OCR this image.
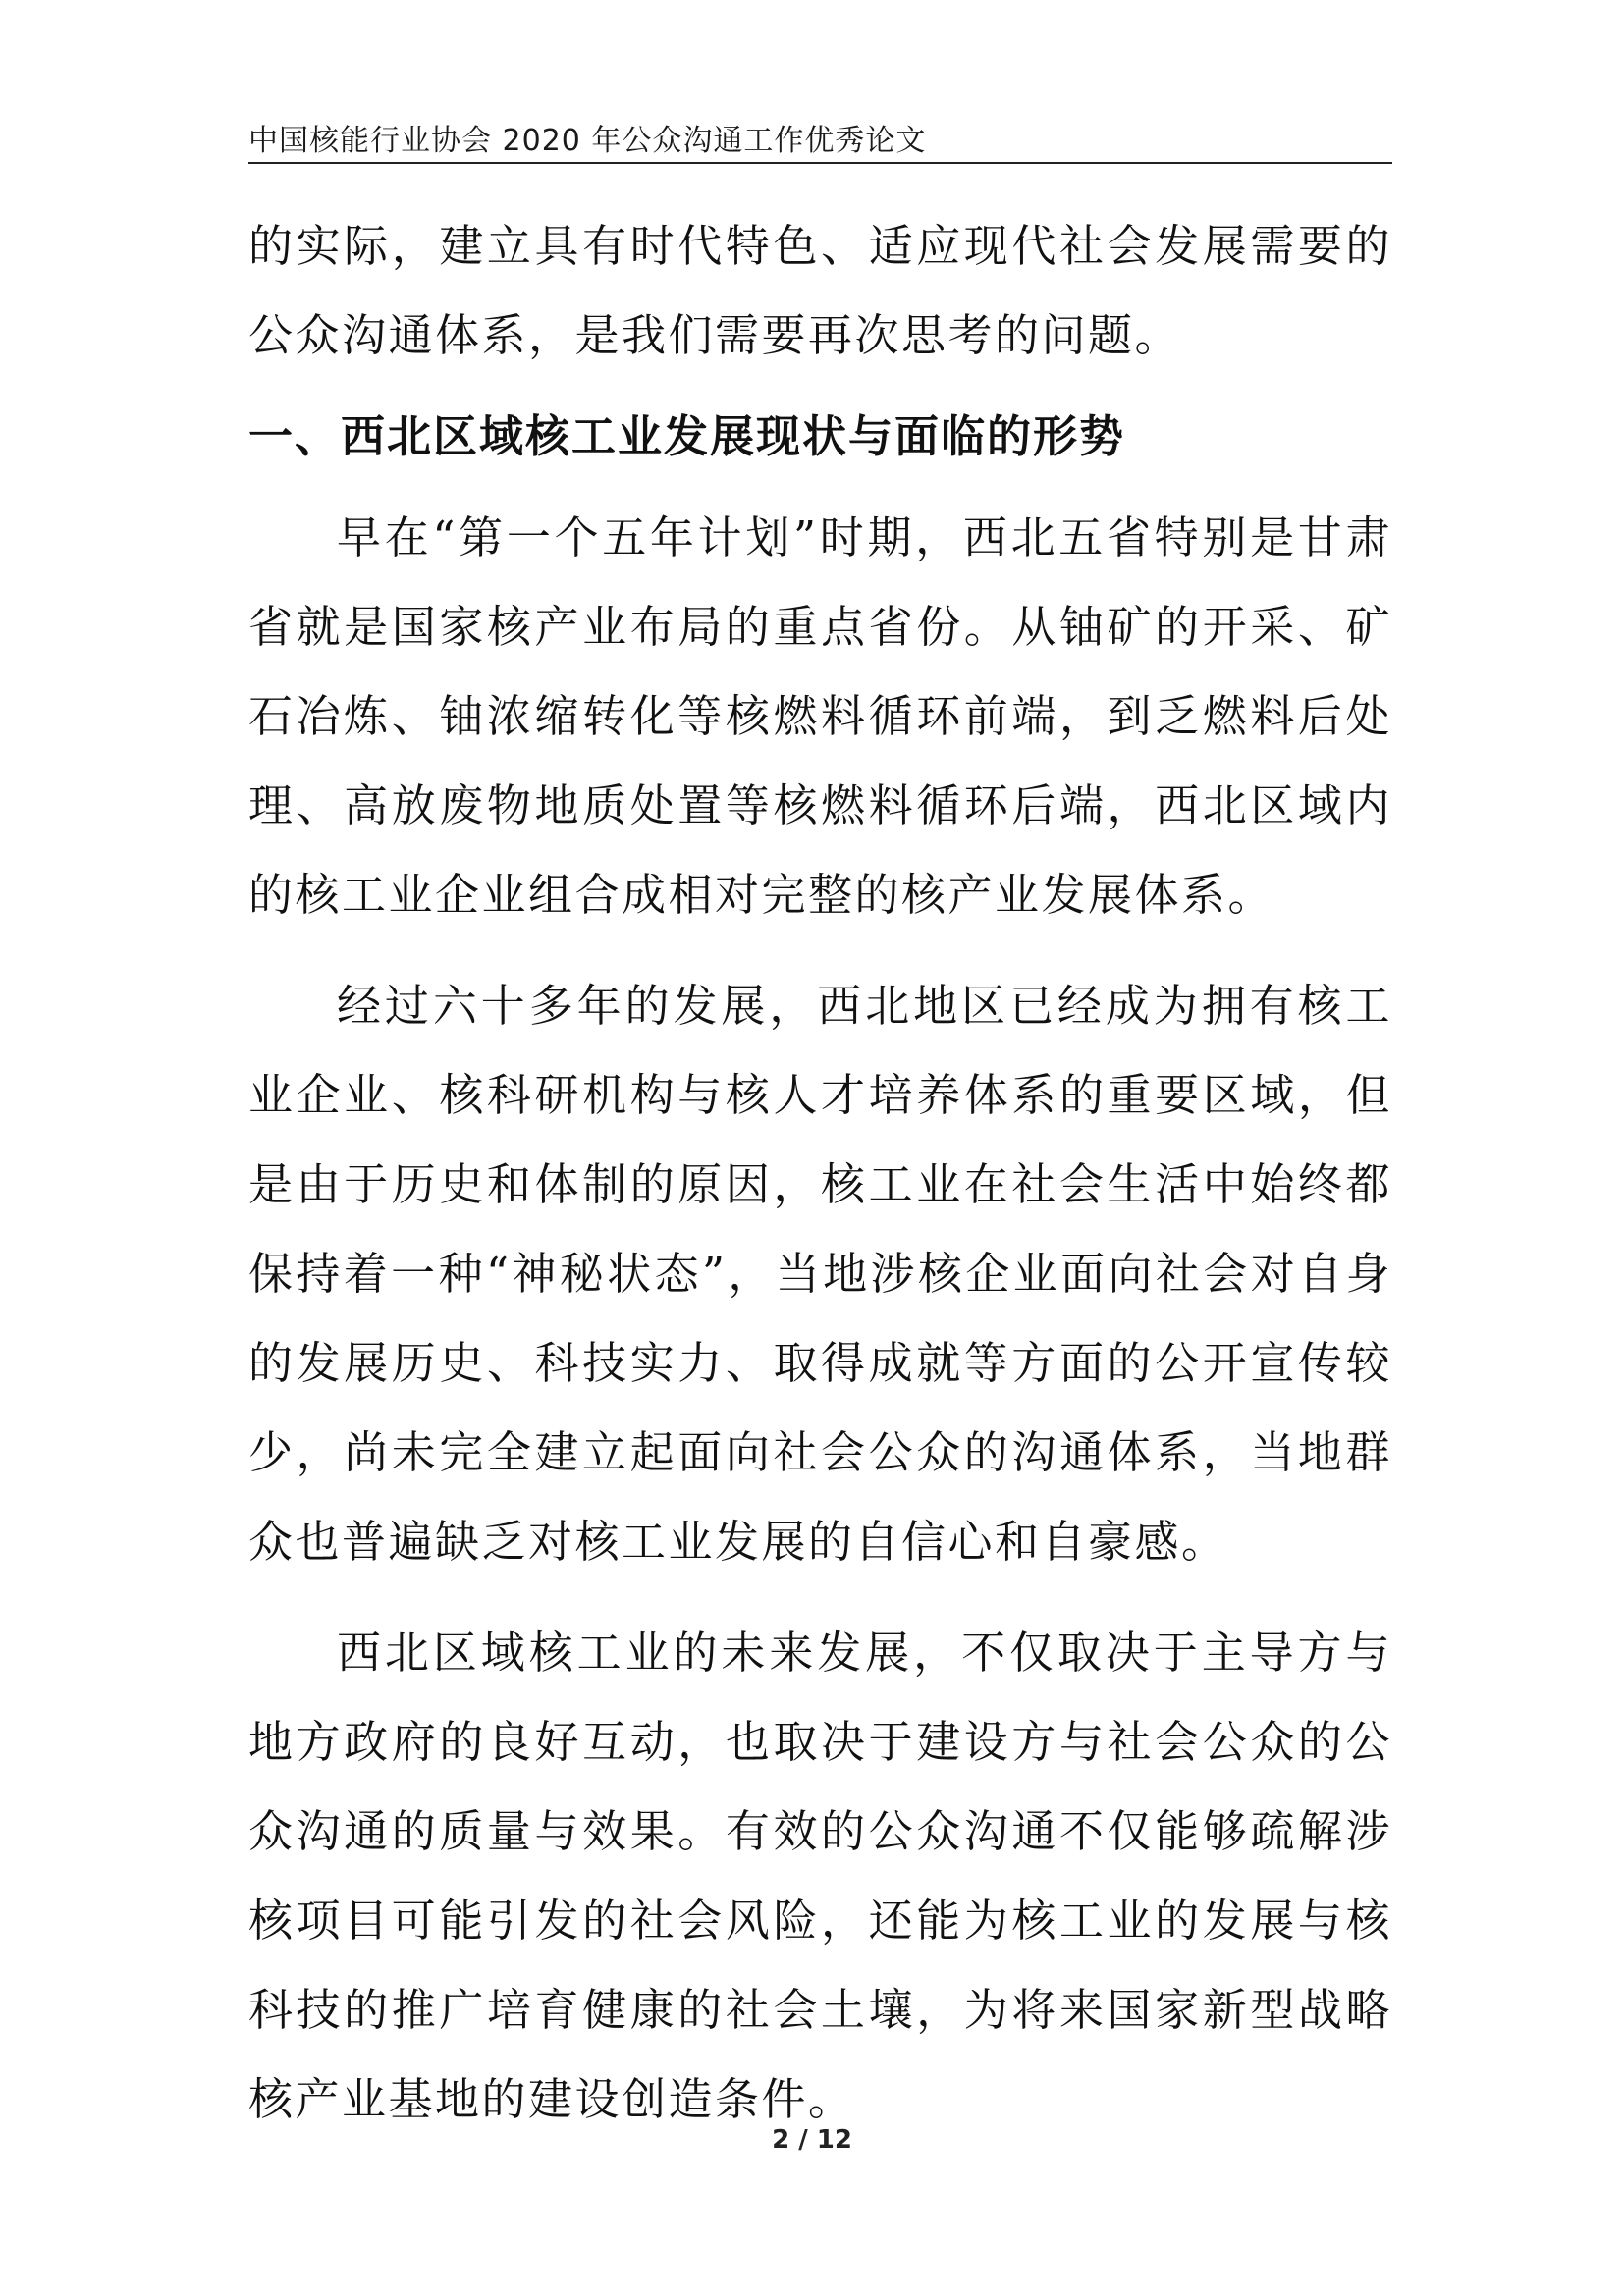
中国核能行业协会 2020 年公众沟通工作优秀论文

的实际，建立具有时代特色、适应现代社会发展需要的公众沟通体系，是我们需要再次思考的问题。

一、西北区域核工业发展现状与面临的形势

早在“第一个五年计划”时期，西北五省特别是甘肃省就是国家核产业布局的重点省份。从铀矿的开采、矿石冶炼、铀浓缩转化等核燃料循环前端，到乏燃料后处理、高放废物地质处置等核燃料循环后端，西北区域内的核工业企业组合成相对完整的核产业发展体系。

经过六十多年的发展，西北地区已经成为拥有核工业企业、核科研机构与核人才培养体系的重要区域，但是由于历史和体制的原因，核工业在社会生活中始终都保持着一种“神秘状态”，当地涉核企业面向社会对自身的发展历史、科技实力、取得成就等方面的公开宣传较少，尚未完全建立起面向社会公众的沟通体系，当地群众也普遍缺乏对核工业发展的自信心和自豪感。

西北区域核工业的未来发展，不仅取决于主导方与地方政府的良好互动，也取决于建设方与社会公众的公众沟通的质量与效果。有效的公众沟通不仅能够疏解涉核项目可能引发的社会风险，还能为核工业的发展与核科技的推广培育健康的社会土壤，为将来国家新型战略核产业基地的建设创造条件。

2 / 12
